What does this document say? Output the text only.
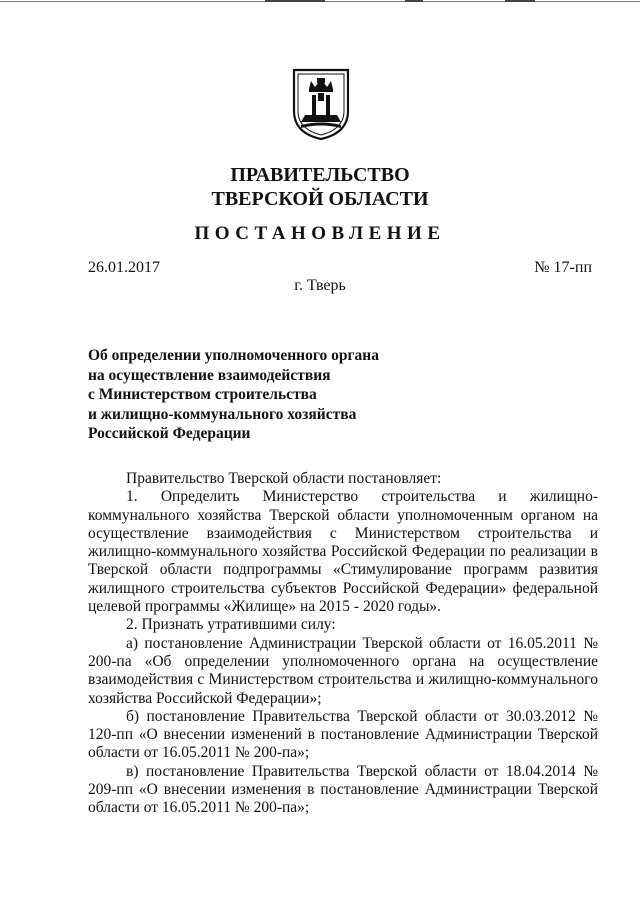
ПРАВИТЕЛЬСТВО
ТВЕРСКОЙ ОБЛАСТИ
ПОСТАНОВЛЕНИЕ
26.01.2017	№ 17-пп
г. Тверь
Об определении уполномоченного органа
на осуществление взаимодействия
с Министерством строительства
и жилищно-коммунального хозяйства
Российской Федерации

Правительство Тверской области постановляет:

1. Определить Министерство строительства и жилищно-коммунального хозяйства Тверской области уполномоченным органом на осуществление взаимодействия с Министерством строительства и жилищно-коммунального хозяйства Российской Федерации по реализации в Тверской области подпрограммы «Стимулирование программ развития жилищного строительства субъектов Российской Федерации» федеральной целевой программы «Жилище» на 2015 - 2020 годы».

2. Признать утратившими силу:

а) постановление Администрации Тверской области от 16.05.2011 № 200-па «Об определении уполномоченного органа на осуществление взаимодействия с Министерством строительства и жилищно-коммунального хозяйства Российской Федерации»;

б) постановление Правительства Тверской области от 30.03.2012 № 120-пп «О внесении изменений в постановление Администрации Тверской области от 16.05.2011 № 200-па»;

в) постановление Правительства Тверской области от 18.04.2014 № 209-пп «О внесении изменения в постановление Администрации Тверской области от 16.05.2011 № 200-па»;
